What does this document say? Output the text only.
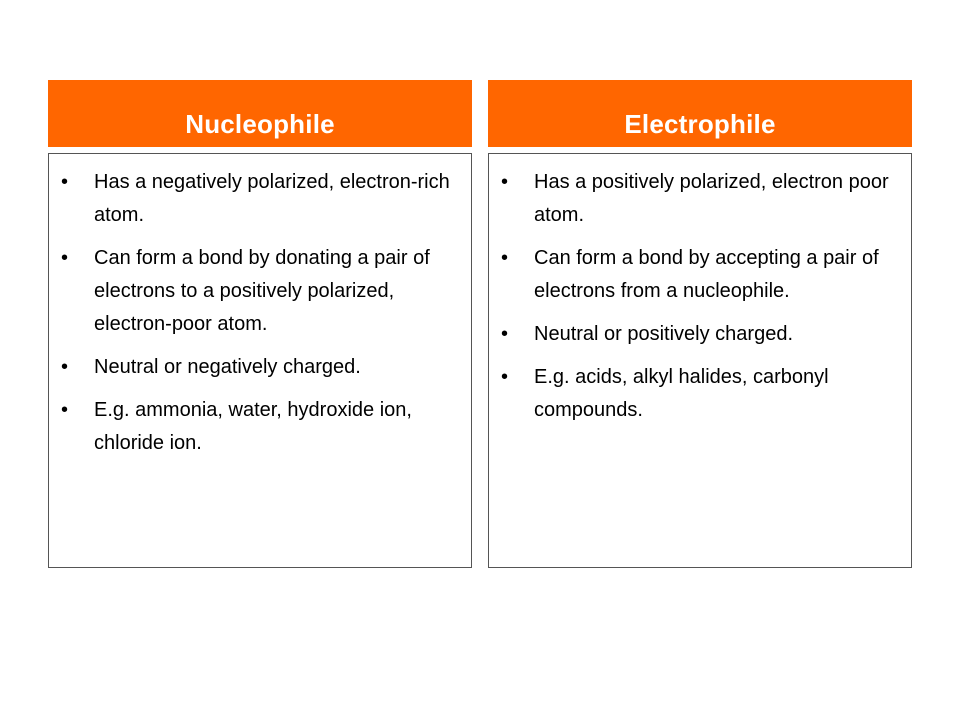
Nucleophile
• Has a negatively polarized, electron-rich atom.
• Can form a bond by donating a pair of electrons to a positively polarized, electron-poor atom.
• Neutral or negatively charged.
• E.g. ammonia, water, hydroxide ion, chloride ion.
Electrophile
• Has a positively polarized, electron poor atom.
• Can form a bond by accepting a pair of electrons from a nucleophile.
• Neutral or positively charged.
• E.g. acids, alkyl halides, carbonyl compounds.
